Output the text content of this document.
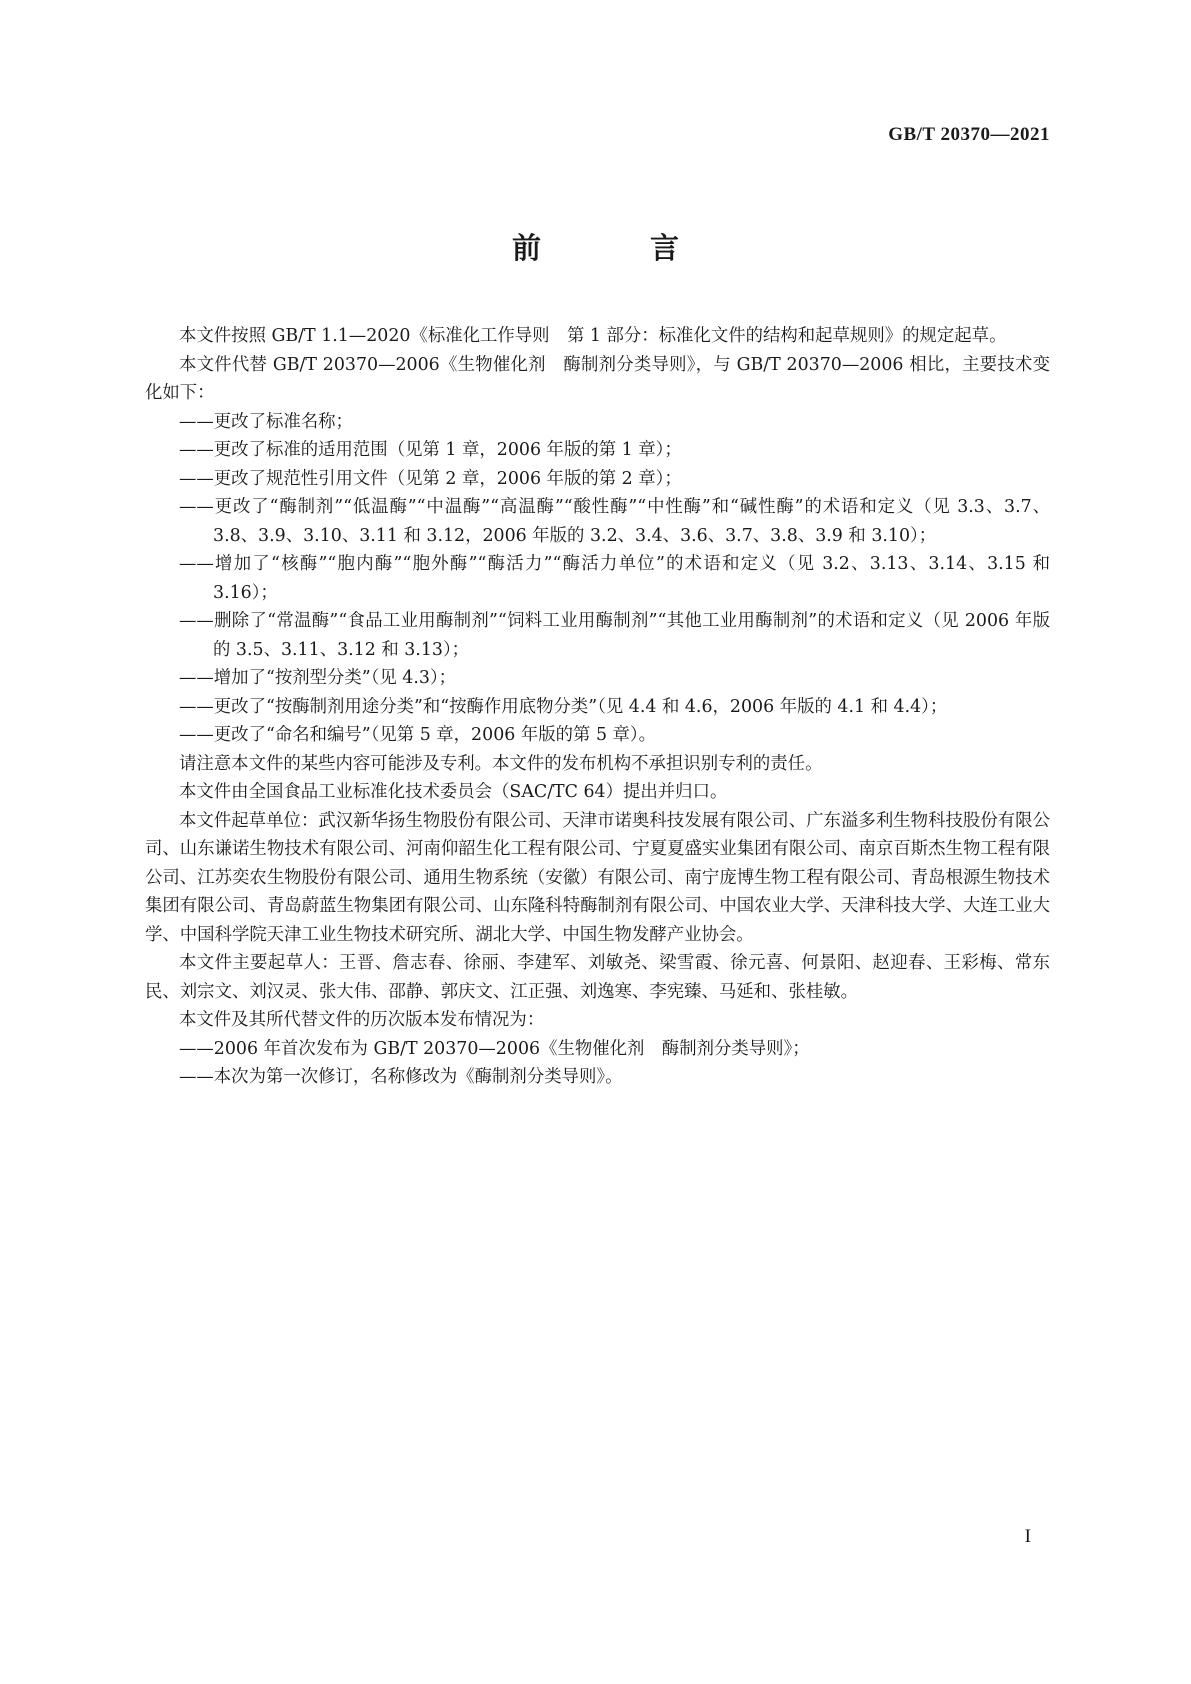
GB/T 20370—2021
前　言

本文件按照 GB/T 1.1—2020《标准化工作导则　第 1 部分：标准化文件的结构和起草规则》的规定起草。

本文件代替 GB/T 20370—2006《生物催化剂　酶制剂分类导则》，与 GB/T 20370—2006 相比，主要技术变化如下：

——更改了标准名称；

——更改了标准的适用范围（见第 1 章，2006 年版的第 1 章）；

——更改了规范性引用文件（见第 2 章，2006 年版的第 2 章）；

——更改了“酶制剂”“低温酶”“中温酶”“高温酶”“酸性酶”“中性酶”和“碱性酶”的术语和定义（见 3.3、3.7、3.8、3.9、3.10、3.11 和 3.12，2006 年版的 3.2、3.4、3.6、3.7、3.8、3.9 和 3.10）；

——增加了“核酶”“胞内酶”“胞外酶”“酶活力”“酶活力单位”的术语和定义（见 3.2、3.13、3.14、3.15 和 3.16）；

——删除了“常温酶”“食品工业用酶制剂”“饲料工业用酶制剂”“其他工业用酶制剂”的术语和定义（见 2006 年版的 3.5、3.11、3.12 和 3.13）；

——增加了“按剂型分类”（见 4.3）；

——更改了“按酶制剂用途分类”和“按酶作用底物分类”（见 4.4 和 4.6，2006 年版的 4.1 和 4.4）；

——更改了“命名和编号”（见第 5 章，2006 年版的第 5 章）。

请注意本文件的某些内容可能涉及专利。本文件的发布机构不承担识别专利的责任。

本文件由全国食品工业标准化技术委员会（SAC/TC 64）提出并归口。

本文件起草单位：武汉新华扬生物股份有限公司、天津市诺奥科技发展有限公司、广东溢多利生物科技股份有限公司、山东谦诺生物技术有限公司、河南仰韶生化工程有限公司、宁夏夏盛实业集团有限公司、南京百斯杰生物工程有限公司、江苏奕农生物股份有限公司、通用生物系统（安徽）有限公司、南宁庞博生物工程有限公司、青岛根源生物技术集团有限公司、青岛蔚蓝生物集团有限公司、山东隆科特酶制剂有限公司、中国农业大学、天津科技大学、大连工业大学、中国科学院天津工业生物技术研究所、湖北大学、中国生物发酵产业协会。

本文件主要起草人：王晋、詹志春、徐丽、李建军、刘敏尧、梁雪霞、徐元喜、何景阳、赵迎春、王彩梅、常东民、刘宗文、刘汉灵、张大伟、邵静、郭庆文、江正强、刘逸寒、李宪臻、马延和、张桂敏。

本文件及其所代替文件的历次版本发布情况为：

——2006 年首次发布为 GB/T 20370—2006《生物催化剂　酶制剂分类导则》；

——本次为第一次修订，名称修改为《酶制剂分类导则》。

I
